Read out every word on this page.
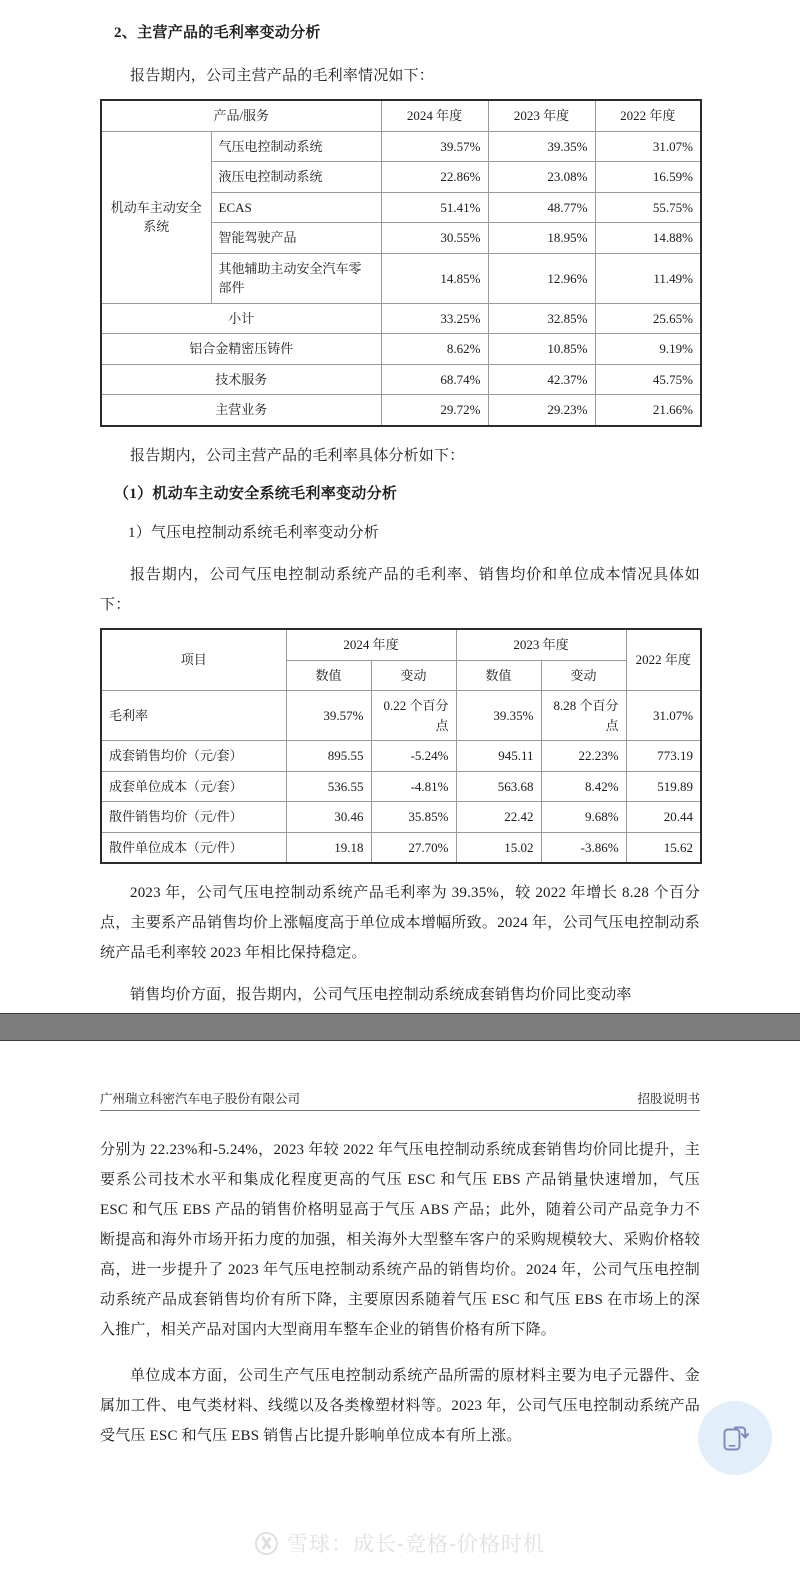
2、主营产品的毛利率变动分析

报告期内，公司主营产品的毛利率情况如下：

产品/服务		2024 年度	2023 年度	2022 年度
机动车主动安全系统	气压电控制动系统	39.57%	39.35%	31.07%
	液压电控制动系统	22.86%	23.08%	16.59%
	ECAS	51.41%	48.77%	55.75%
	智能驾驶产品	30.55%	18.95%	14.88%
	其他辅助主动安全汽车零部件	14.85%	12.96%	11.49%
小计		33.25%	32.85%	25.65%
铝合金精密压铸件		8.62%	10.85%	9.19%
技术服务		68.74%	42.37%	45.75%
主营业务		29.72%	29.23%	21.66%

报告期内，公司主营产品的毛利率具体分析如下：

（1）机动车主动安全系统毛利率变动分析

1）气压电控制动系统毛利率变动分析

报告期内，公司气压电控制动系统产品的毛利率、销售均价和单位成本情况具体如下：

项目	2024 年度		2023 年度		2022 年度
	数值	变动	数值	变动	
毛利率	39.57%	0.22 个百分点	39.35%	8.28 个百分点	31.07%
成套销售均价（元/套）	895.55	-5.24%	945.11	22.23%	773.19
成套单位成本（元/套）	536.55	-4.81%	563.68	8.42%	519.89
散件销售均价（元/件）	30.46	35.85%	22.42	9.68%	20.44
散件单位成本（元/件）	19.18	27.70%	15.02	-3.86%	15.62

2023 年，公司气压电控制动系统产品毛利率为 39.35%，较 2022 年增长 8.28 个百分点，主要系产品销售均价上涨幅度高于单位成本增幅所致。2024 年，公司气压电控制动系统产品毛利率较 2023 年相比保持稳定。

销售均价方面，报告期内，公司气压电控制动系统成套销售均价同比变动率

广州瑞立科密汽车电子股份有限公司	招股说明书

分别为 22.23%和-5.24%，2023 年较 2022 年气压电控制动系统成套销售均价同比提升，主要系公司技术水平和集成化程度更高的气压 ESC 和气压 EBS 产品销量快速增加，气压 ESC 和气压 EBS 产品的销售价格明显高于气压 ABS 产品；此外，随着公司产品竞争力不断提高和海外市场开拓力度的加强，相关海外大型整车客户的采购规模较大、采购价格较高，进一步提升了 2023 年气压电控制动系统产品的销售均价。2024 年，公司气压电控制动系统产品成套销售均价有所下降，主要原因系随着气压 ESC 和气压 EBS 在市场上的深入推广，相关产品对国内大型商用车整车企业的销售价格有所下降。

单位成本方面，公司生产气压电控制动系统产品所需的原材料主要为电子元器件、金属加工件、电气类材料、线缆以及各类橡塑材料等。2023 年，公司气压电控制动系统产品受气压 ESC 和气压 EBS 销售占比提升影响单位成本有所上涨。

雪球：成长-竞格-价格时机
